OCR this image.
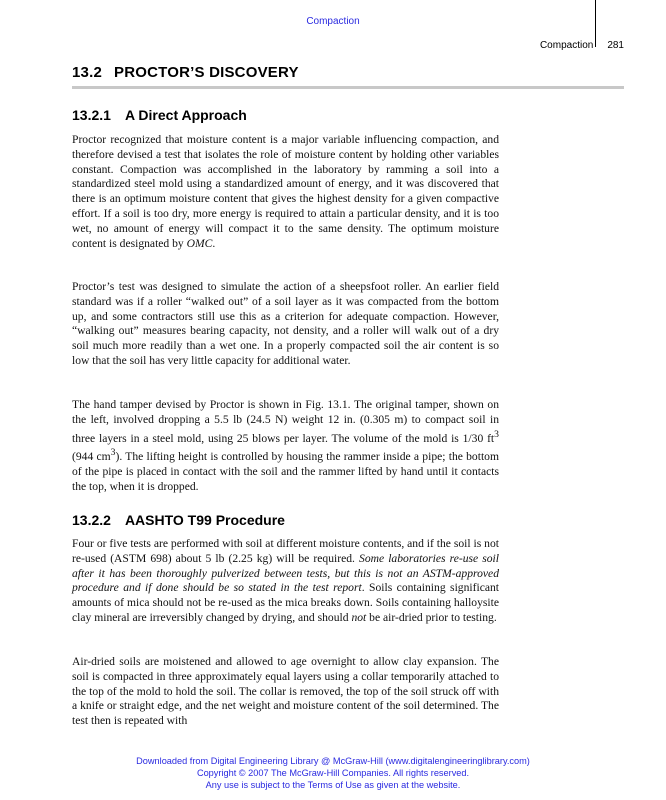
Compaction
Compaction 281
13.2 PROCTOR’S DISCOVERY
13.2.1 A Direct Approach
Proctor recognized that moisture content is a major variable influencing compaction, and therefore devised a test that isolates the role of moisture content by holding other variables constant. Compaction was accomplished in the laboratory by ramming a soil into a standardized steel mold using a standardized amount of energy, and it was discovered that there is an optimum moisture content that gives the highest density for a given compactive effort. If a soil is too dry, more energy is required to attain a particular density, and it is too wet, no amount of energy will compact it to the same density. The optimum moisture content is designated by OMC.
Proctor’s test was designed to simulate the action of a sheepsfoot roller. An earlier field standard was if a roller “walked out” of a soil layer as it was compacted from the bottom up, and some contractors still use this as a criterion for adequate compaction. However, “walking out” measures bearing capacity, not density, and a roller will walk out of a dry soil much more readily than a wet one. In a properly compacted soil the air content is so low that the soil has very little capacity for additional water.
The hand tamper devised by Proctor is shown in Fig. 13.1. The original tamper, shown on the left, involved dropping a 5.5 lb (24.5 N) weight 12 in. (0.305 m) to compact soil in three layers in a steel mold, using 25 blows per layer. The volume of the mold is 1/30 $ft^3$ (944 $cm^3$). The lifting height is controlled by housing the rammer inside a pipe; the bottom of the pipe is placed in contact with the soil and the rammer lifted by hand until it contacts the top, when it is dropped.
13.2.2 AASHTO T99 Procedure
Four or five tests are performed with soil at different moisture contents, and if the soil is not re-used (ASTM 698) about 5 lb (2.25 kg) will be required. Some laboratories re-use soil after it has been thoroughly pulverized between tests, but this is not an ASTM-approved procedure and if done should be so stated in the test report. Soils containing significant amounts of mica should not be re-used as the mica breaks down. Soils containing halloysite clay mineral are irreversibly changed by drying, and should not be air-dried prior to testing.
Air-dried soils are moistened and allowed to age overnight to allow clay expansion. The soil is compacted in three approximately equal layers using a collar temporarily attached to the top of the mold to hold the soil. The collar is removed, the top of the soil struck off with a knife or straight edge, and the net weight and moisture content of the soil determined. The test then is repeated with
Downloaded from Digital Engineering Library @ McGraw-Hill (www.digitalengineeringlibrary.com)
Copyright © 2007 The McGraw-Hill Companies. All rights reserved.
Any use is subject to the Terms of Use as given at the website.
